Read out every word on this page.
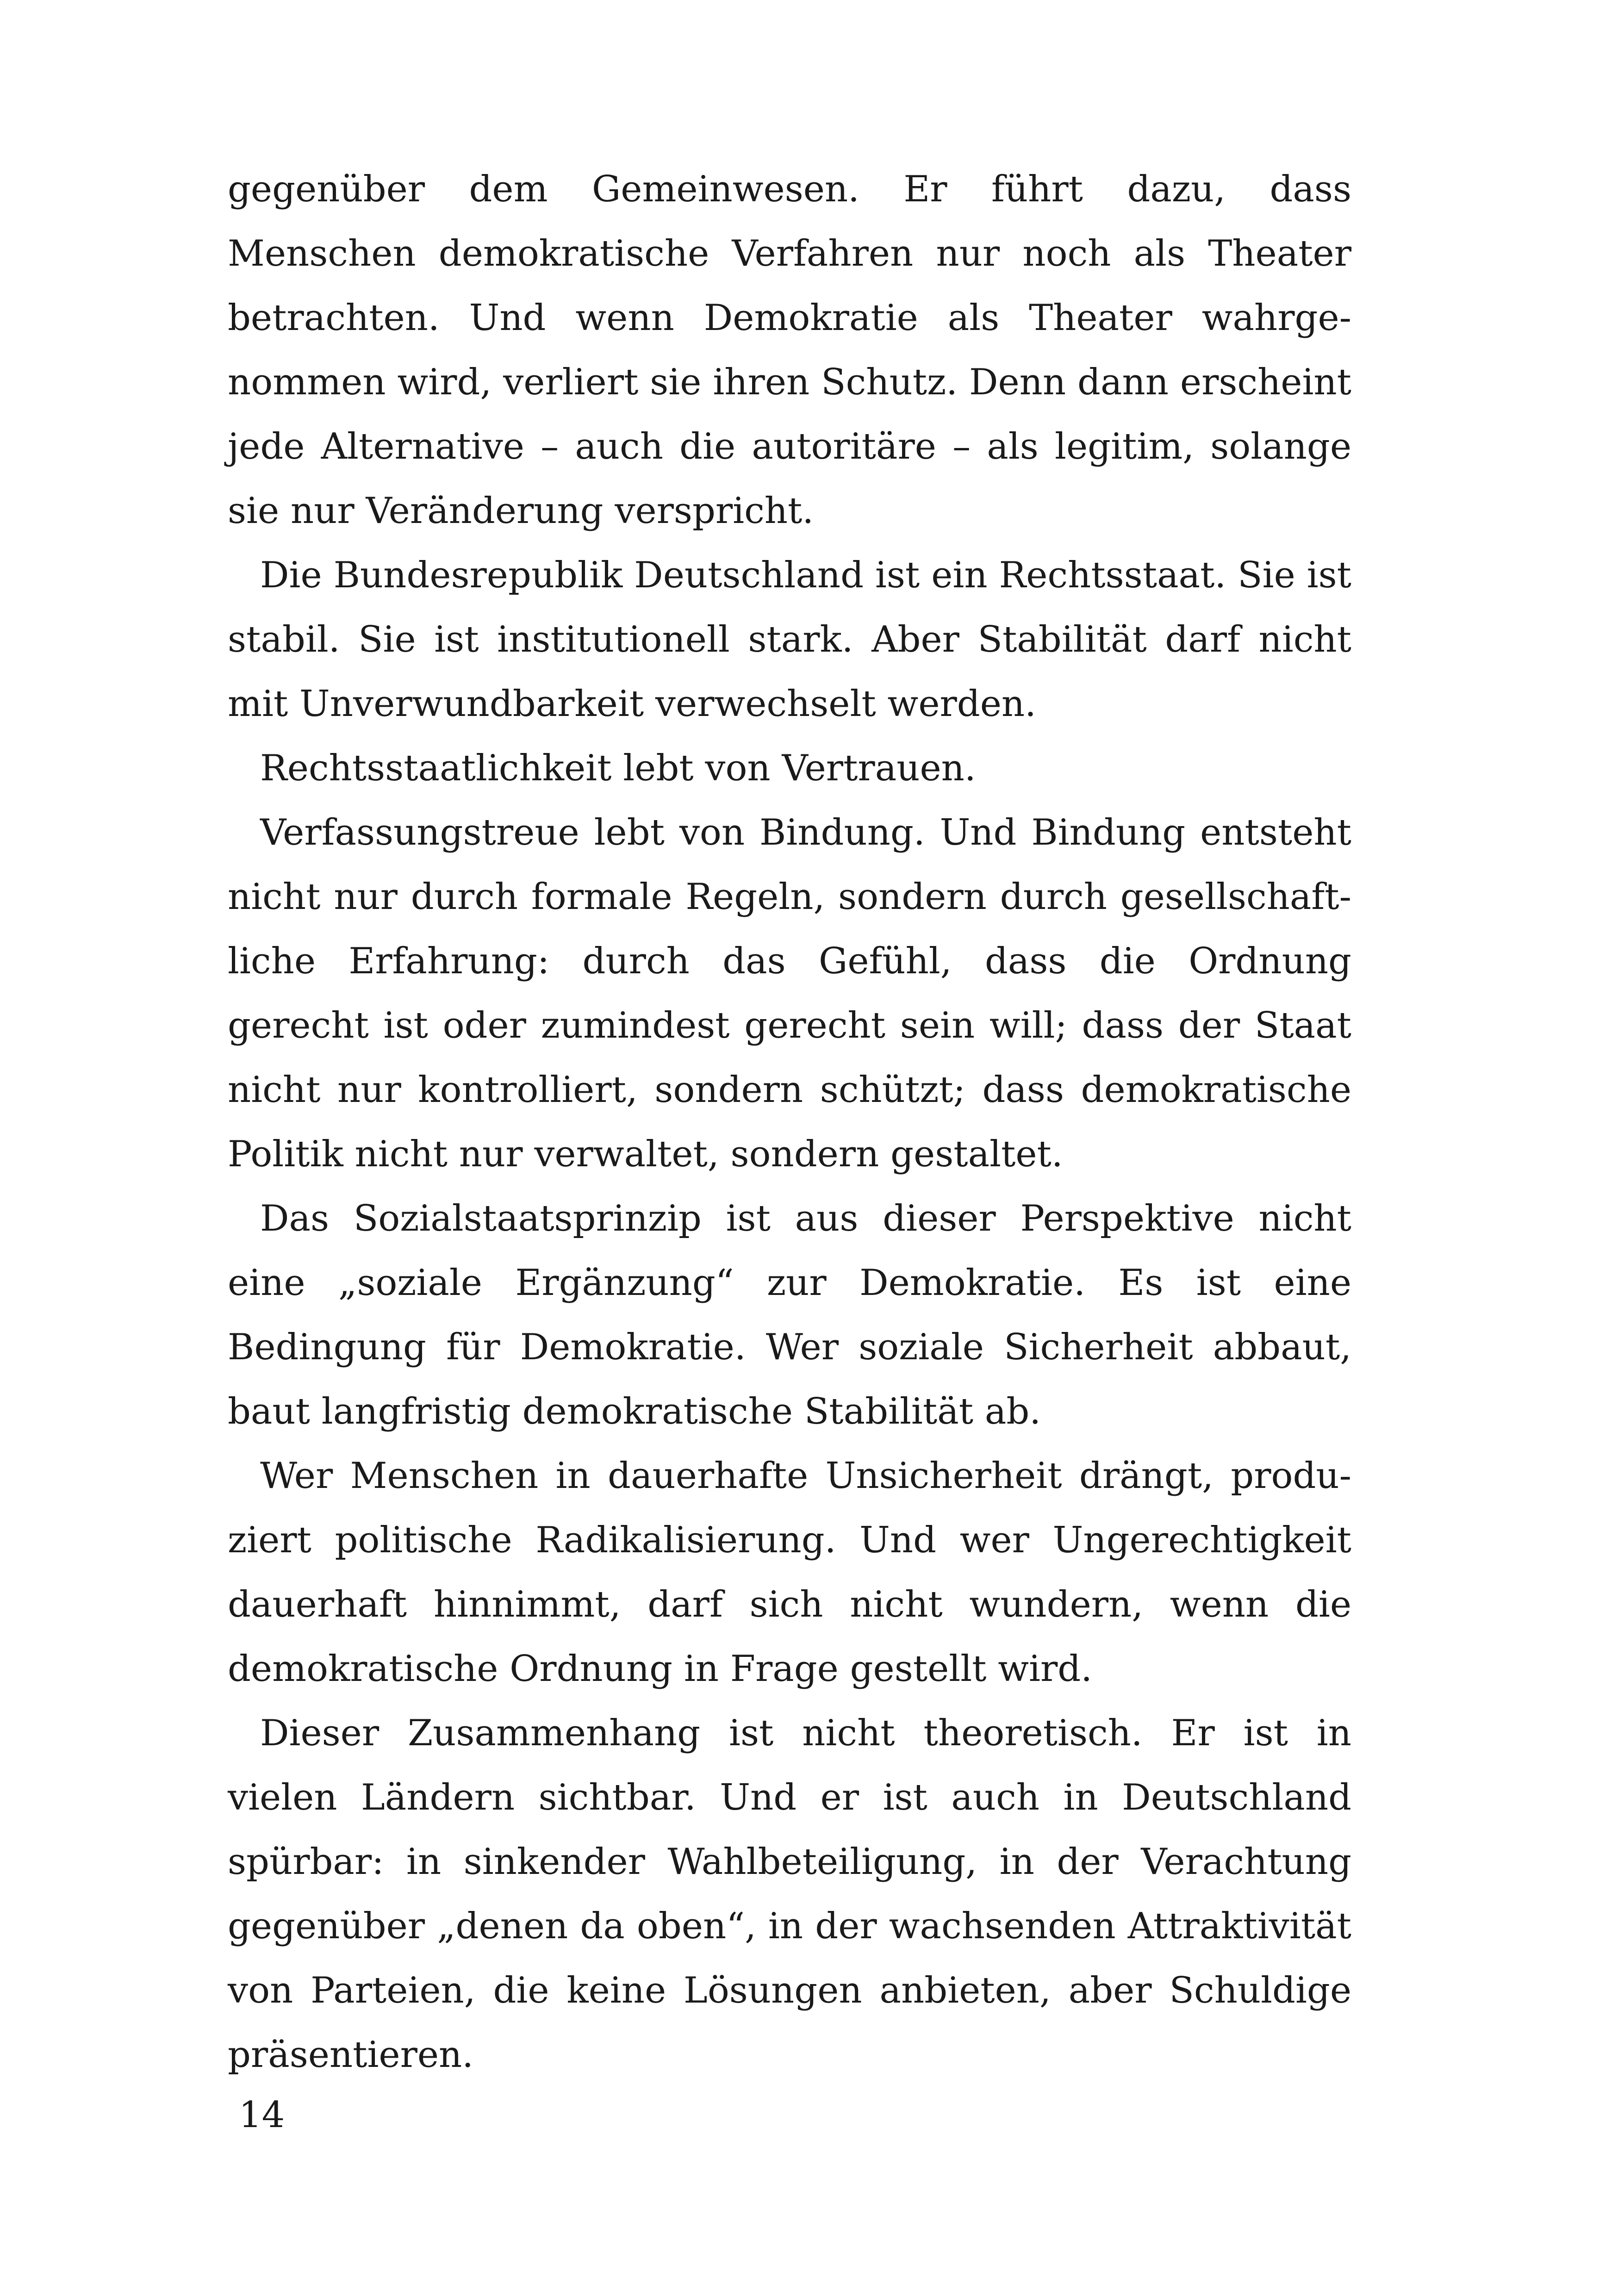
gegenüber dem Gemeinwesen. Er führt dazu, dass Menschen demokratische Verfahren nur noch als Theater betrachten. Und wenn Demokratie als Theater wahrgenommen wird, verliert sie ihren Schutz. Denn dann erscheint jede Alternative – auch die autoritäre – als legitim, solange sie nur Veränderung verspricht.

Die Bundesrepublik Deutschland ist ein Rechtsstaat. Sie ist stabil. Sie ist institutionell stark. Aber Stabilität darf nicht mit Unverwundbarkeit verwechselt werden.

Rechtsstaatlichkeit lebt von Vertrauen.

Verfassungstreue lebt von Bindung. Und Bindung entsteht nicht nur durch formale Regeln, sondern durch gesellschaftliche Erfahrung: durch das Gefühl, dass die Ordnung gerecht ist oder zumindest gerecht sein will; dass der Staat nicht nur kontrolliert, sondern schützt; dass demokratische Politik nicht nur verwaltet, sondern gestaltet.

Das Sozialstaatsprinzip ist aus dieser Perspektive nicht eine „soziale Ergänzung“ zur Demokratie. Es ist eine Bedingung für Demokratie. Wer soziale Sicherheit abbaut, baut langfristig demokratische Stabilität ab.

Wer Menschen in dauerhafte Unsicherheit drängt, produziert politische Radikalisierung. Und wer Ungerechtigkeit dauerhaft hinnimmt, darf sich nicht wundern, wenn die demokratische Ordnung in Frage gestellt wird.

Dieser Zusammenhang ist nicht theoretisch. Er ist in vielen Ländern sichtbar. Und er ist auch in Deutschland spürbar: in sinkender Wahlbeteiligung, in der Verachtung gegenüber „denen da oben“, in der wachsenden Attraktivität von Parteien, die keine Lösungen anbieten, aber Schuldige präsentieren.

14
